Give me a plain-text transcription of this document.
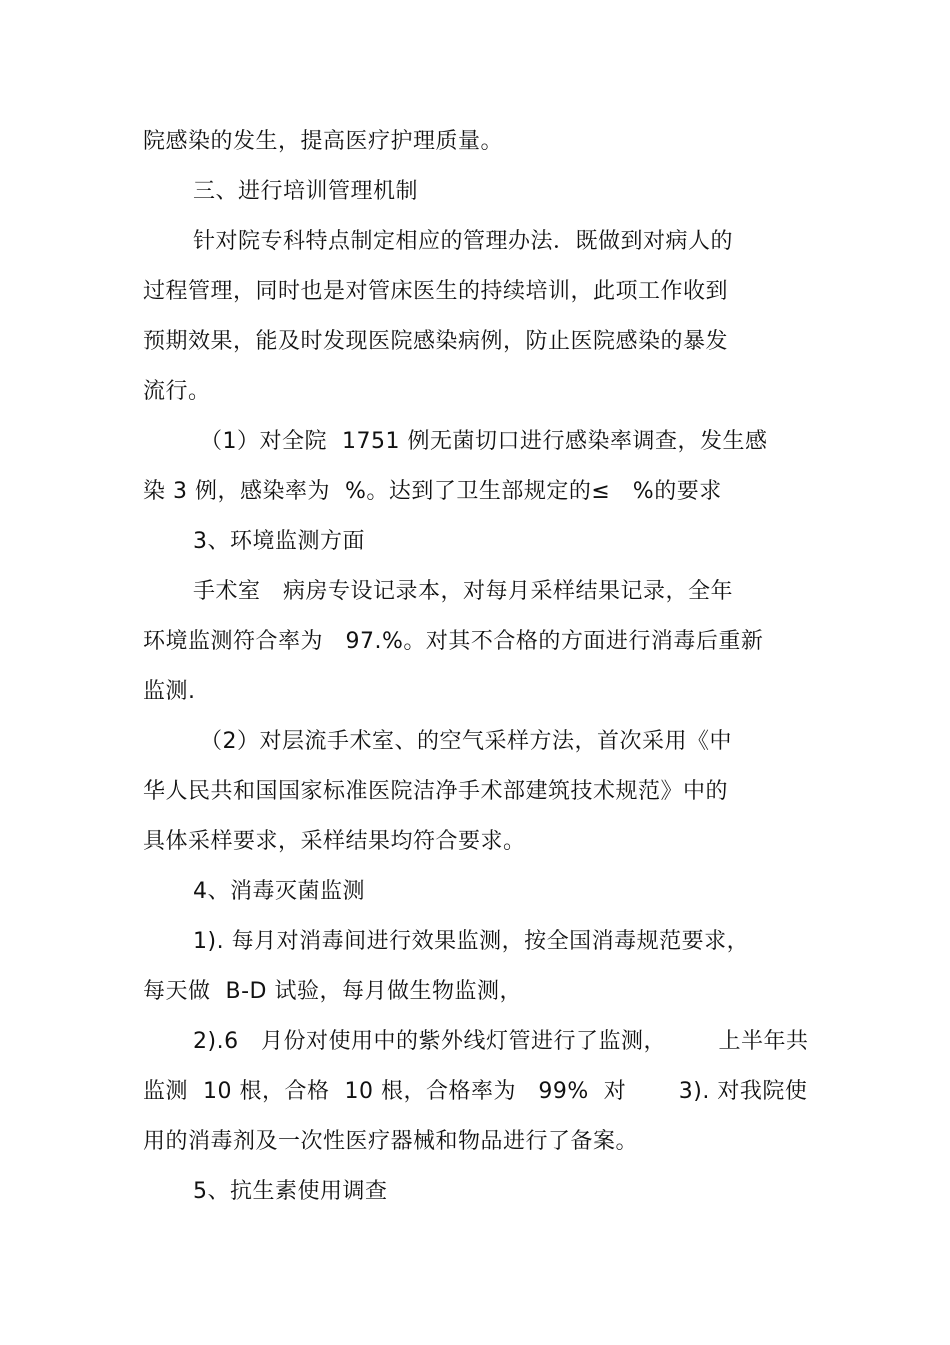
院感染的发生，提高医疗护理质量。
三、进行培训管理机制
针对院专科特点制定相应的管理办法．既做到对病人的
过程管理，同时也是对管床医生的持续培训，此项工作收到
预期效果，能及时发现医院感染病例，防止医院感染的暴发
流行。
（1）对全院  1751 例无菌切口进行感染率调查，发生感
染 3 例，感染率为  %。达到了卫生部规定的≤   %的要求
3、环境监测方面
手术室   病房专设记录本，对每月采样结果记录，全年
环境监测符合率为   97.%。对其不合格的方面进行消毒后重新
监测.
（2）对层流手术室、的空气采样方法，首次采用《中
华人民共和国国家标准医院洁净手术部建筑技术规范》中的
具体采样要求，采样结果均符合要求。
4、消毒灭菌监测
1). 每月对消毒间进行效果监测，按全国消毒规范要求，
每天做  B-D 试验，每月做生物监测，
2).6   月份对使用中的紫外线灯管进行了监测，       上半年共
监测  10 根，合格  10 根，合格率为   99%  对       3). 对我院使
用的消毒剂及一次性医疗器械和物品进行了备案。
5、抗生素使用调查
